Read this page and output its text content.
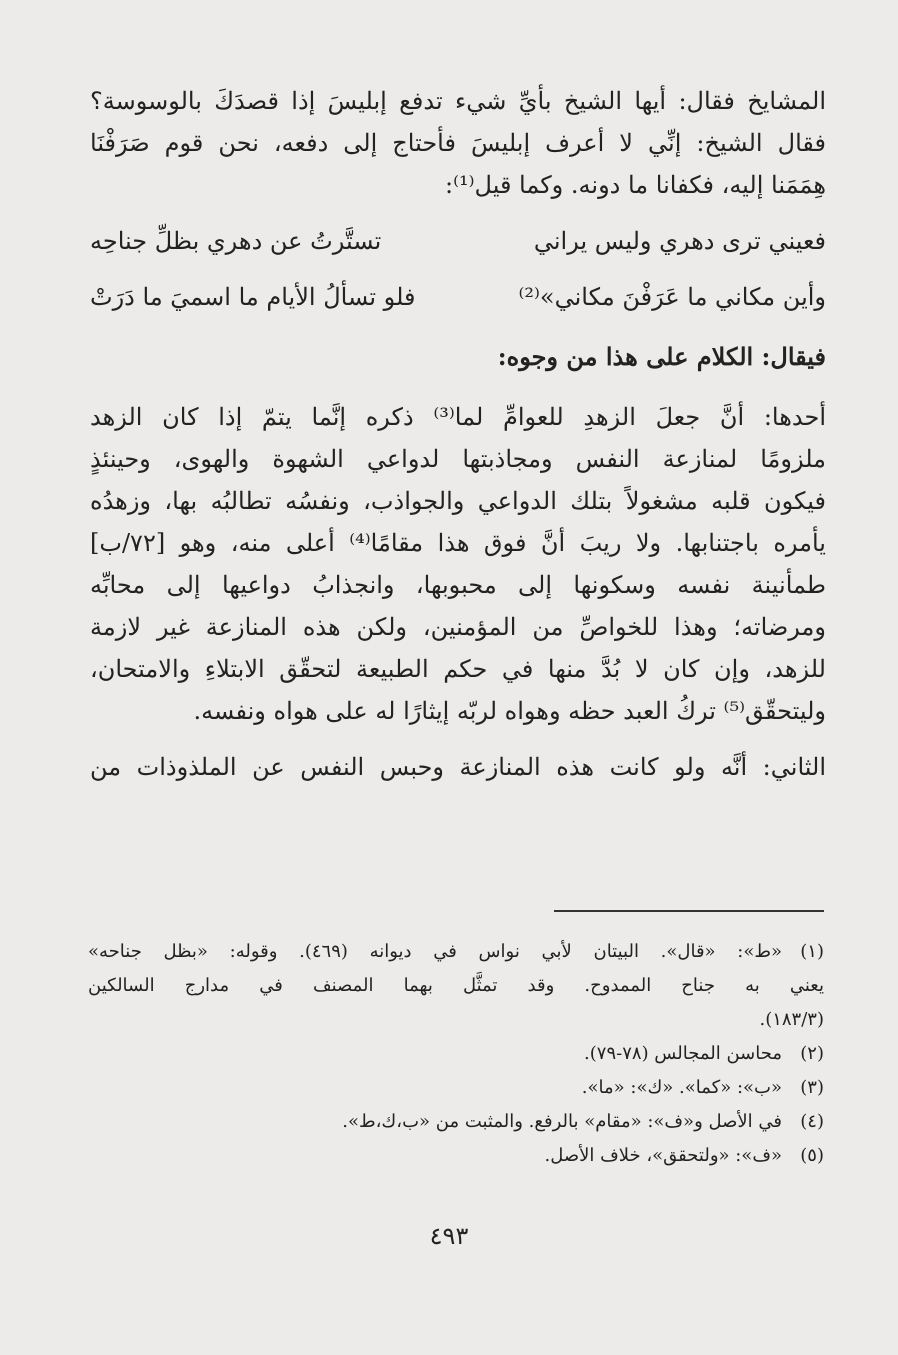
المشايخ فقال: أيها الشيخ بأيِّ شيء تدفع إبليسَ إذا قصدَكَ بالوسوسة؟
فقال الشيخ: إنِّي لا أعرف إبليسَ فأحتاج إلى دفعه، نحن قوم صَرَفْنَا
هِمَمَنا إليه، فكفانا ما دونه. وكما قيل⁽¹⁾:
فعيني ترى دهري وليس يراني
تستَّرتُ عن دهري بظلِّ جناحِه
وأين مكاني ما عَرَفْنَ مكاني»⁽²⁾
فلو تسألُ الأيام ما اسميَ ما دَرَتْ
فيقال: الكلام على هذا من وجوه:
أحدها: أنَّ جعلَ الزهدِ للعوامِّ لما⁽³⁾ ذكره إنَّما يتمّ إذا كان الزهد
ملزومًا لمنازعة النفس ومجاذبتها لدواعي الشهوة والهوى، وحينئذٍ
فيكون قلبه مشغولاً بتلك الدواعي والجواذب، ونفسُه تطالبُه بها، وزهدُه
يأمره باجتنابها. ولا ريبَ أنَّ فوق هذا مقامًا⁽⁴⁾ أعلى منه، وهو [٧٢/ب]
طمأنينة نفسه وسكونها إلى محبوبها، وانجذابُ دواعيها إلى محابِّه
ومرضاته؛ وهذا للخواصِّ من المؤمنين، ولكن هذه المنازعة غير لازمة
للزهد، وإن كان لا بُدَّ منها في حكم الطبيعة لتحقّق الابتلاءِ والامتحان،
وليتحقّق⁽⁵⁾ تركُ العبد حظه وهواه لربّه إيثارًا له على هواه ونفسه.
الثاني: أنَّه ولو كانت هذه المنازعة وحبس النفس عن الملذوذات من
(١)
«ط»: «قال». البيتان لأبي نواس في ديوانه (٤٦٩). وقوله: «بظل جناحه»
يعني به جناح الممدوح. وقد تمثَّل بهما المصنف في مدارج السالكين
(١٨٣/٣).
(٢)
محاسن المجالس (٧٨-٧٩).
(٣)
«ب»: «كما». «ك»: «ما».
(٤)
في الأصل و«ف»: «مقام» بالرفع. والمثبت من «ب،ك،ط».
(٥)
«ف»: «ولتحقق»، خلاف الأصل.
٤٩٣
